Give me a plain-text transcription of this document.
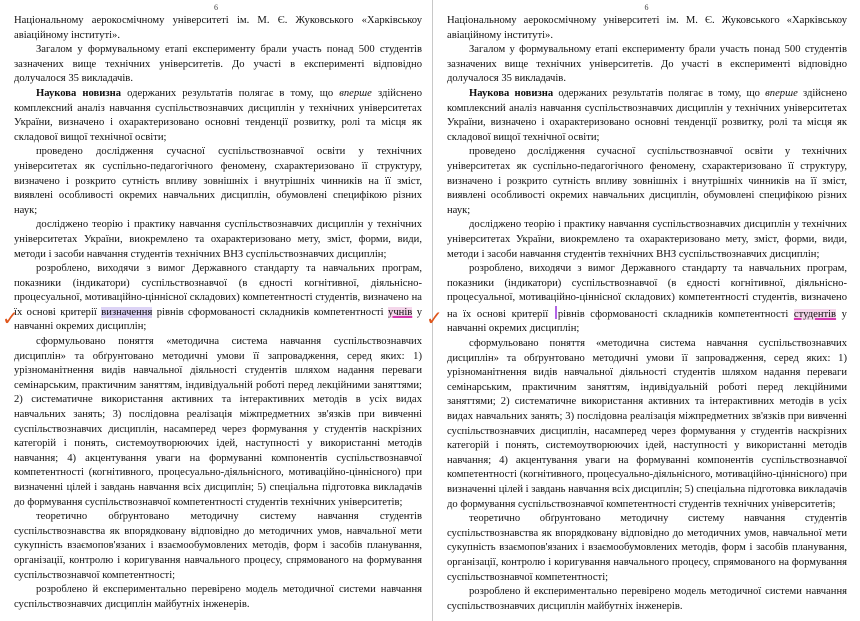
6

Національному аерокосмічному університеті ім. М. Є. Жуковського «Харківськоу авіаційному інституті».

Загалом у формувальному етапі експерименту брали участь понад 500 студентів зазначених вище технічних університетів. До участі в експерименті відповідно долучалося 35 викладачів.

Наукова новизна одержаних результатів полягає в тому, що вперше здійснено комплексний аналіз навчання суспільствознавчих дисциплін у технічних університетах України, визначено і охарактеризовано основні тенденції розвитку, ролі та місця як складової вищої технічної освіти;

проведено дослідження сучасної суспільствознавчої освіти у технічних університетах як суспільно-педагогічного феномену, схарактеризовано її структуру, визначено і розкрито сутність впливу зовнішніх і внутрішніх чинників на її зміст, виявлені особливості окремих навчальних дисциплін, обумовлені специфікою різних наук;

досліджено теорію і практику навчання суспільствознавчих дисциплін у технічних університетах України, виокремлено та охарактеризовано мету, зміст, форми, види, методи і засоби навчання студентів технічних ВНЗ суспільствознавчих дисциплін;

розроблено, виходячи з вимог Державного стандарту та навчальних програм, показники (індикатори) суспільствознавчої (в єдності когнітивної, діяльнісно-процесуальної, мотиваційно-ціннісної складових) компетентності студентів, визначено на їх основі критерії визначення рівнів сформованості складників компетентності учнів у навчанні окремих дисциплін;

сформульовано поняття «методична система навчання суспільствознавчих дисциплін» та обґрунтовано методичні умови її запровадження, серед яких: 1) урізноманітнення видів навчальної діяльності студентів шляхом надання переваги семінарським, практичним заняттям, індивідуальній роботі перед лекційними заняттями; 2) систематичне використання активних та інтерактивних методів в усіх видах навчальних занять; 3) послідовна реалізація міжпредметних зв'язків при вивченні суспільствознавчих дисциплін, насамперед через формування у студентів наскрізних категорій і понять, системоутворюючих ідей, наступності у використанні методів навчання; 4) акцентування уваги на формуванні компонентів суспільствознавчої компетентності (когнітивного, процесуально-діяльнісного, мотиваційно-ціннісного) при визначенні цілей і завдань навчання всіх дисциплін; 5) спеціальна підготовка викладачів до формування суспільствознавчої компетентності студентів технічних університетів;

теоретично обґрунтовано методичну систему навчання студентів суспільствознавства як впорядковану відповідно до методичних умов, навчальної мети сукупність взаємопов'язаних і взаємообумовлених методів, форм і засобів планування, організації, контролю і коригування навчального процесу, спрямованого на формування суспільствознавчої компетентності;

розроблено й експериментально перевірено модель методичної системи навчання суспільствознавчих дисциплін майбутніх інженерів.

✓
6

Національному аерокосмічному університеті ім. М. Є. Жуковського «Харківськоу авіаційному інституті».

Загалом у формувальному етапі експерименту брали участь понад 500 студентів зазначених вище технічних університетів. До участі в експерименті відповідно долучалося 35 викладачів.

Наукова новизна одержаних результатів полягає в тому, що вперше здійснено комплексний аналіз навчання суспільствознавчих дисциплін у технічних університетах України, визначено і охарактеризовано основні тенденції розвитку, ролі та місця як складової вищої технічної освіти;

проведено дослідження сучасної суспільствознавчої освіти у технічних університетах як суспільно-педагогічного феномену, схарактеризовано її структуру, визначено і розкрито сутність впливу зовнішніх і внутрішніх чинників на її зміст, виявлені особливості окремих навчальних дисциплін, обумовлені специфікою різних наук;

досліджено теорію і практику навчання суспільствознавчих дисциплін у технічних університетах України, виокремлено та охарактеризовано мету, зміст, форми, види, методи і засоби навчання студентів технічних ВНЗ суспільствознавчих дисциплін;

розроблено, виходячи з вимог Державного стандарту та навчальних програм, показники (індикатори) суспільствознавчої (в єдності когнітивної, діяльнісно-процесуальної, мотиваційно-ціннісної складових) компетентності студентів, визначено на їх основі критерії рівнів сформованості складників компетентності студентів у навчанні окремих дисциплін;

сформульовано поняття «методична система навчання суспільствознавчих дисциплін» та обґрунтовано методичні умови її запровадження, серед яких: 1) урізноманітнення видів навчальної діяльності студентів шляхом надання переваги семінарським, практичним заняттям, індивідуальній роботі перед лекційними заняттями; 2) систематичне використання активних та інтерактивних методів в усіх видах навчальних занять; 3) послідовна реалізація міжпредметних зв'язків при вивченні суспільствознавчих дисциплін, насамперед через формування у студентів наскрізних категорій і понять, системоутворюючих ідей, наступності у використанні методів навчання; 4) акцентування уваги на формуванні компонентів суспільствознавчої компетентності (когнітивного, процесуально-діяльнісного, мотиваційно-ціннісного) при визначенні цілей і завдань навчання всіх дисциплін; 5) спеціальна підготовка викладачів до формування суспільствознавчої компетентності студентів технічних університетів;

теоретично обґрунтовано методичну систему навчання студентів суспільствознавства як впорядковану відповідно до методичних умов, навчальної мети сукупність взаємопов'язаних і взаємообумовлених методів, форм і засобів планування, організації, контролю і коригування навчального процесу, спрямованого на формування суспільствознавчої компетентності;

розроблено й експериментально перевірено модель методичної системи навчання суспільствознавчих дисциплін майбутніх інженерів.

✓
